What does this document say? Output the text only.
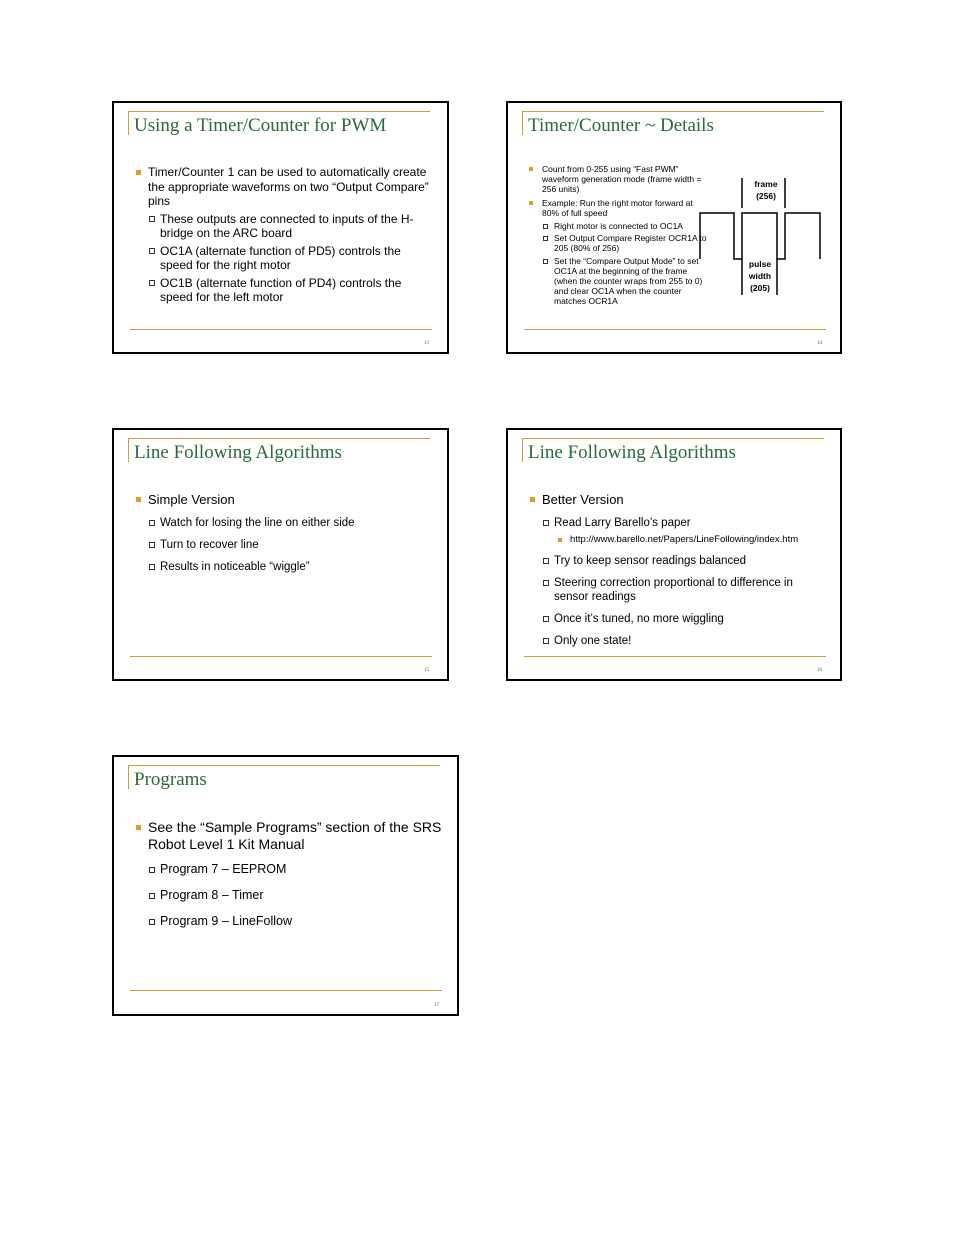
Using a Timer/Counter for PWM
Timer/Counter 1 can be used to automatically create the appropriate waveforms on two “Output Compare” pins
These outputs are connected to inputs of the H-bridge on the ARC board
OC1A (alternate function of PD5) controls the speed for the right motor
OC1B (alternate function of PD4) controls the speed for the left motor
13
Timer/Counter ~ Details
Count from 0-255 using “Fast PWM” waveform generation mode (frame width = 256 units)
Example: Run the right motor forward at 80% of full speed
Right motor is connected to OC1A
Set Output Compare Register OCR1A to 205 (80% of 256)
Set the “Compare Output Mode” to set OC1A at the beginning of the frame (when the counter wraps from 255 to 0) and clear OC1A when the counter matches OCR1A
frame
(256)
pulse
width
(205)
14
Line Following Algorithms
Simple Version
Watch for losing the line on either side
Turn to recover line
Results in noticeable “wiggle”
15
Line Following Algorithms
Better Version
Read Larry Barello’s paper
http://www.barello.net/Papers/LineFollowing/index.htm
Try to keep sensor readings balanced
Steering correction proportional to difference in sensor readings
Once it’s tuned, no more wiggling
Only one state!
16
Programs
See the “Sample Programs” section of the SRS Robot Level 1 Kit Manual
Program 7 – EEPROM
Program 8 – Timer
Program 9 – LineFollow
17
